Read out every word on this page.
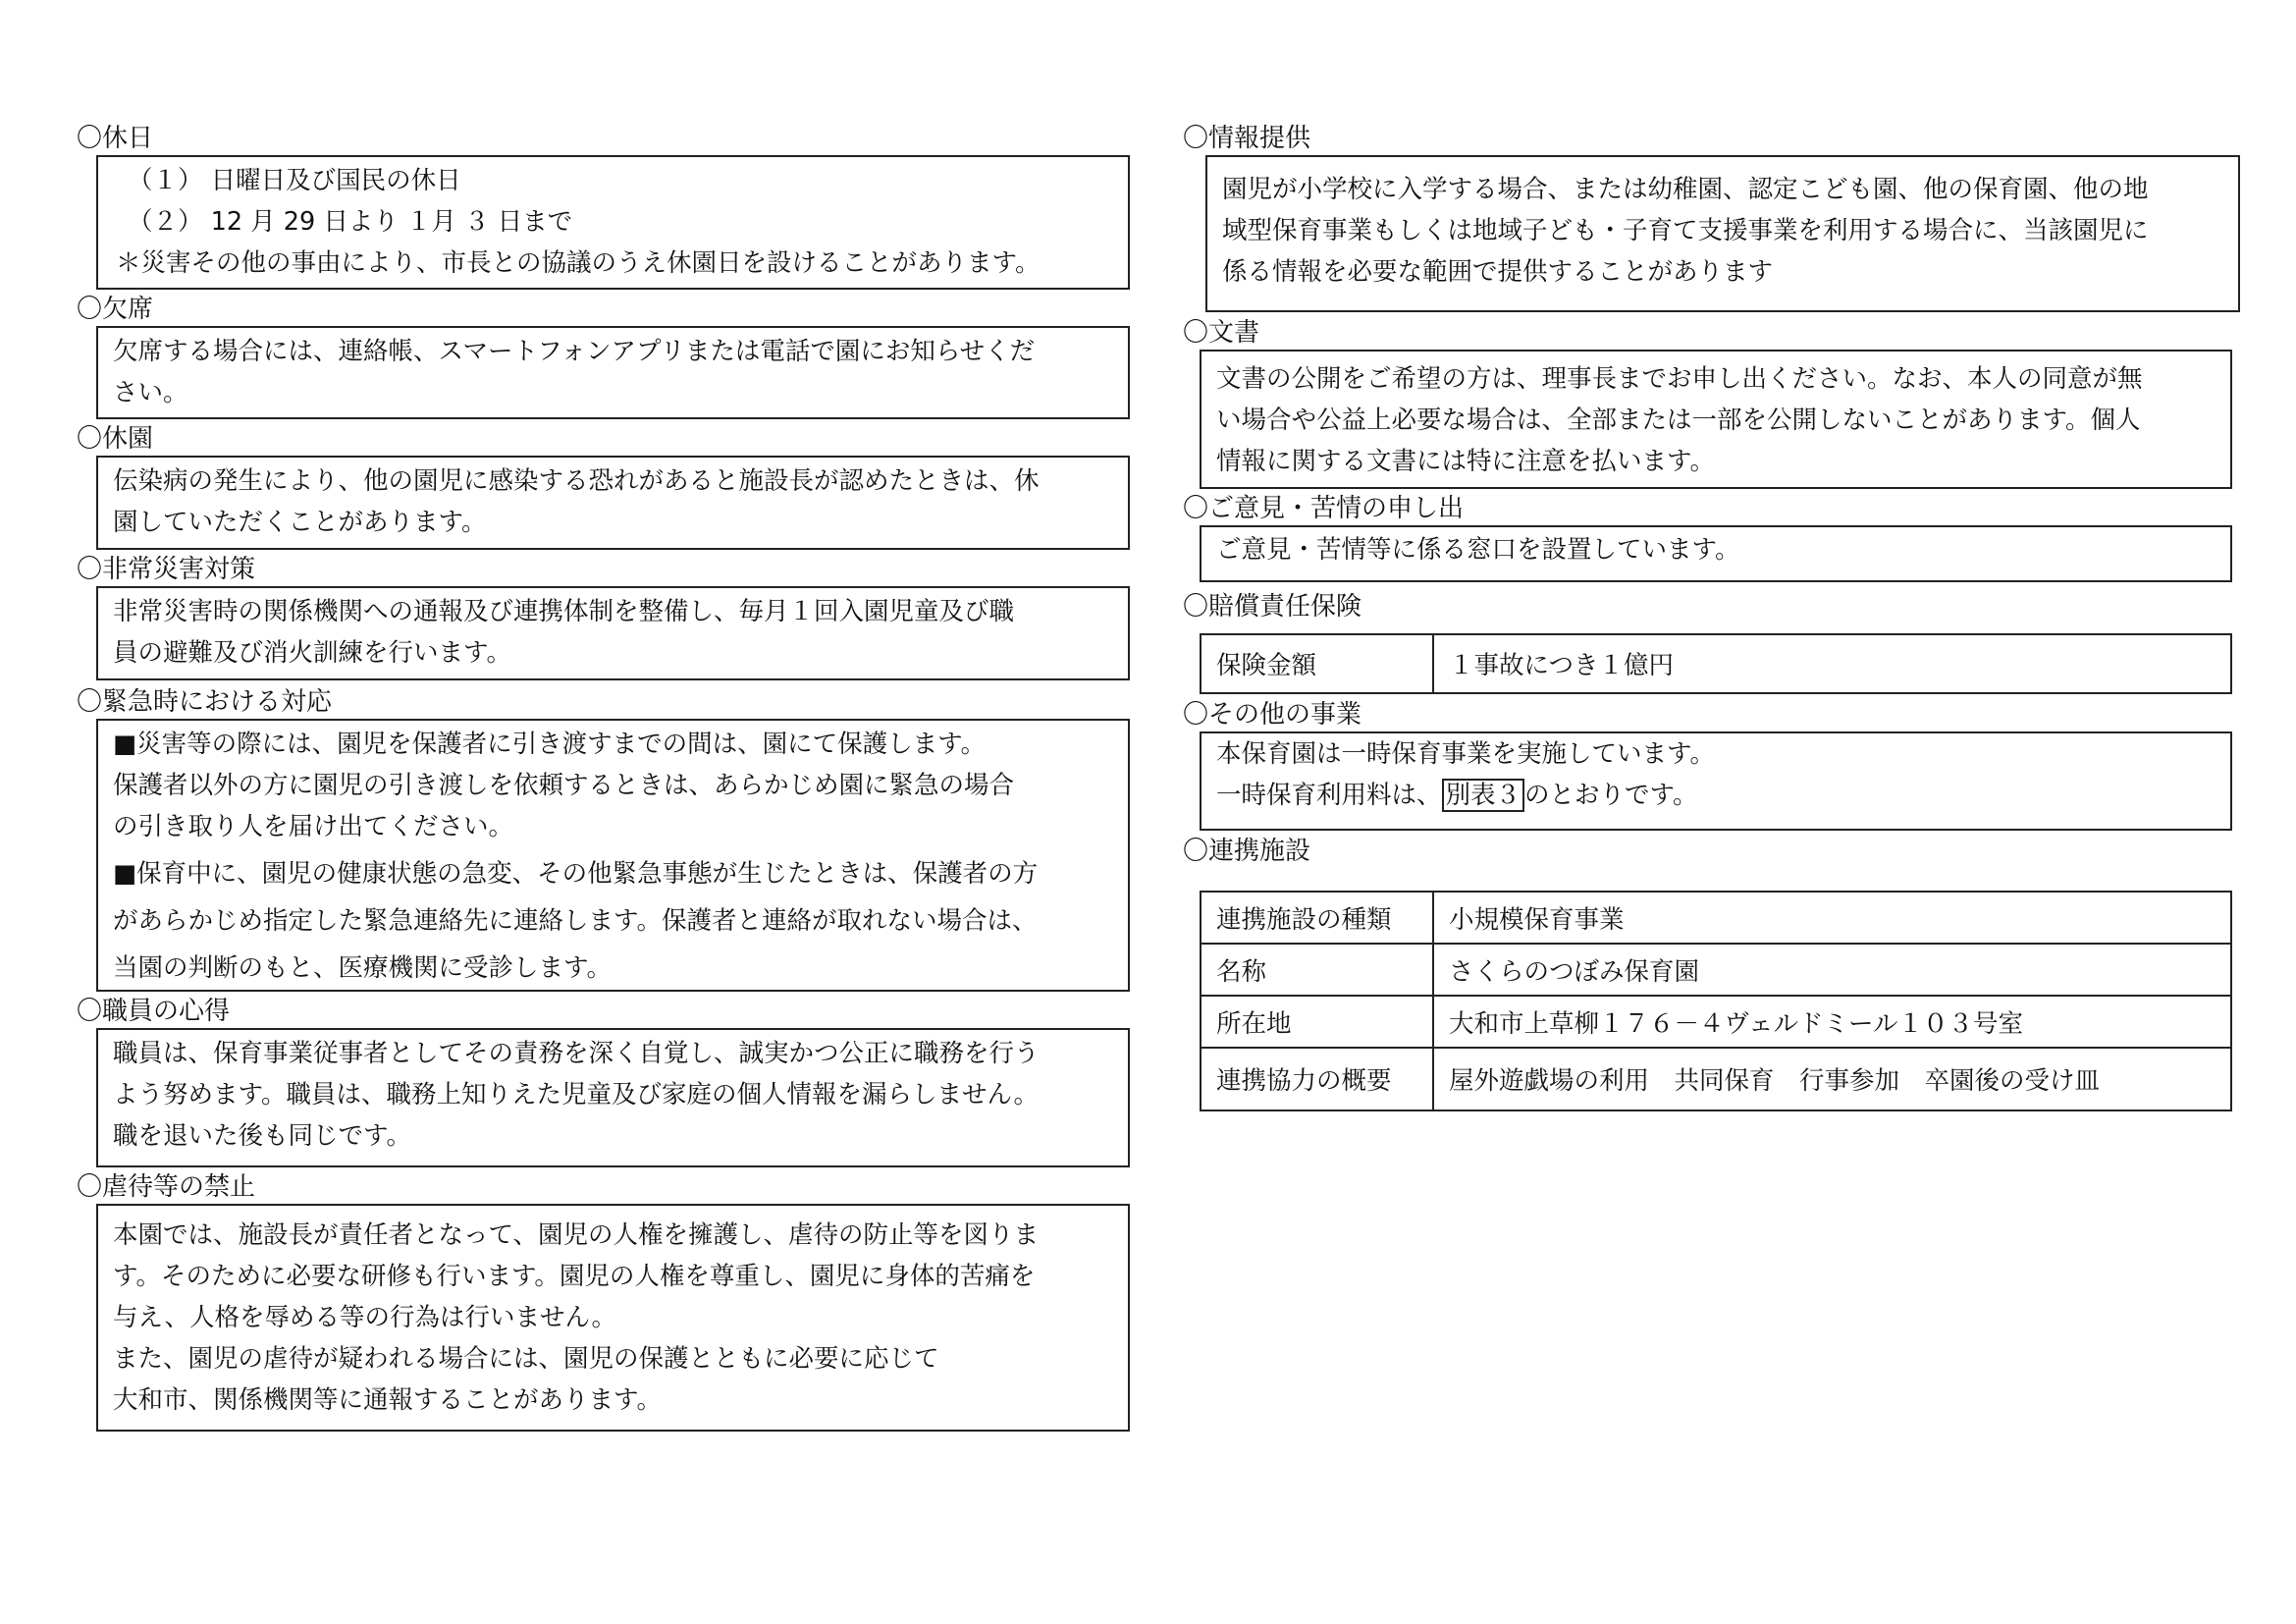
〇休日

（１） 日曜日及び国民の休日

（２） 12 月 29 日より １月 ３ 日まで

＊災害その他の事由により、市長との協議のうえ休園日を設けることがあります。

〇欠席

欠席する場合には、連絡帳、スマートフォンアプリまたは電話で園にお知らせくだ

さい。

〇休園

伝染病の発生により、他の園児に感染する恐れがあると施設長が認めたときは、休

園していただくことがあります。

〇非常災害対策

非常災害時の関係機関への通報及び連携体制を整備し、毎月１回入園児童及び職

員の避難及び消火訓練を行います。

〇緊急時における対応

■災害等の際には、園児を保護者に引き渡すまでの間は、園にて保護します。

保護者以外の方に園児の引き渡しを依頼するときは、あらかじめ園に緊急の場合

の引き取り人を届け出てください。

■保育中に、園児の健康状態の急変、その他緊急事態が生じたときは、保護者の方

があらかじめ指定した緊急連絡先に連絡します。保護者と連絡が取れない場合は、

当園の判断のもと、医療機関に受診します。

〇職員の心得

職員は、保育事業従事者としてその責務を深く自覚し、誠実かつ公正に職務を行う

よう努めます。職員は、職務上知りえた児童及び家庭の個人情報を漏らしません。

職を退いた後も同じです。

〇虐待等の禁止

本園では、施設長が責任者となって、園児の人権を擁護し、虐待の防止等を図りま

す。そのために必要な研修も行います。園児の人権を尊重し、園児に身体的苦痛を

与え、人格を辱める等の行為は行いません。

また、園児の虐待が疑われる場合には、園児の保護とともに必要に応じて

大和市、関係機関等に通報することがあります。

〇情報提供

園児が小学校に入学する場合、または幼稚園、認定こども園、他の保育園、他の地

域型保育事業もしくは地域子ども・子育て支援事業を利用する場合に、当該園児に

係る情報を必要な範囲で提供することがあります

〇文書

文書の公開をご希望の方は、理事長までお申し出ください。なお、本人の同意が無

い場合や公益上必要な場合は、全部または一部を公開しないことがあります。個人

情報に関する文書には特に注意を払います。

〇ご意見・苦情の申し出

ご意見・苦情等に係る窓口を設置しています。

〇賠償責任保険
保険金額	１事故につき１億円
〇その他の事業

本保育園は一時保育事業を実施しています。

一時保育利用料は、 別表３ のとおりです。

〇連携施設
連携施設の種類	小規模保育事業
名称	さくらのつぼみ保育園
所在地	大和市上草柳１７６－４ヴェルドミール１０３号室
連携協力の概要	屋外遊戯場の利用　共同保育　行事参加　卒園後の受け皿
